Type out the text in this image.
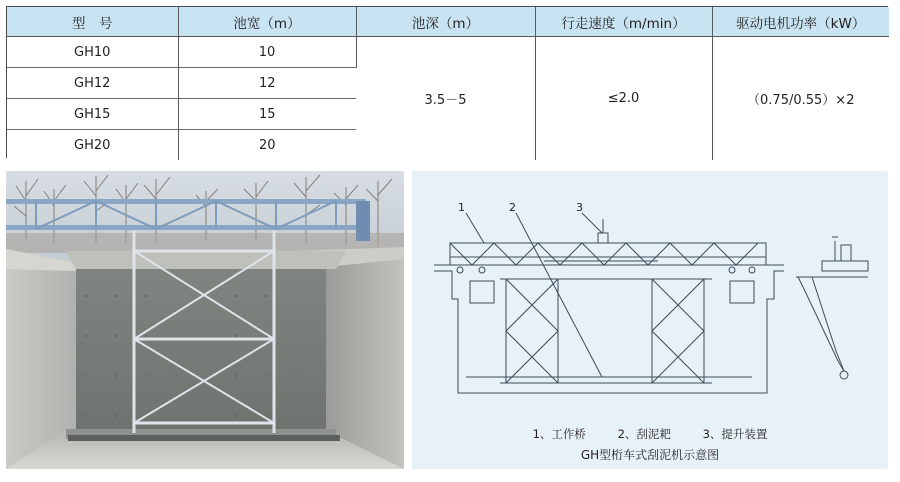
型　号	池宽（m）	池深（m）	行走速度（m/min）	驱动电机功率（kW）
GH10	10	3.5－5	≤2.0	（0.75/0.55）×2
GH12	12			
GH15	15			
GH20	20			
1	2	3
1、工作桥	2、刮泥耙	3、提升装置
GH型桁车式刮泥机示意图
